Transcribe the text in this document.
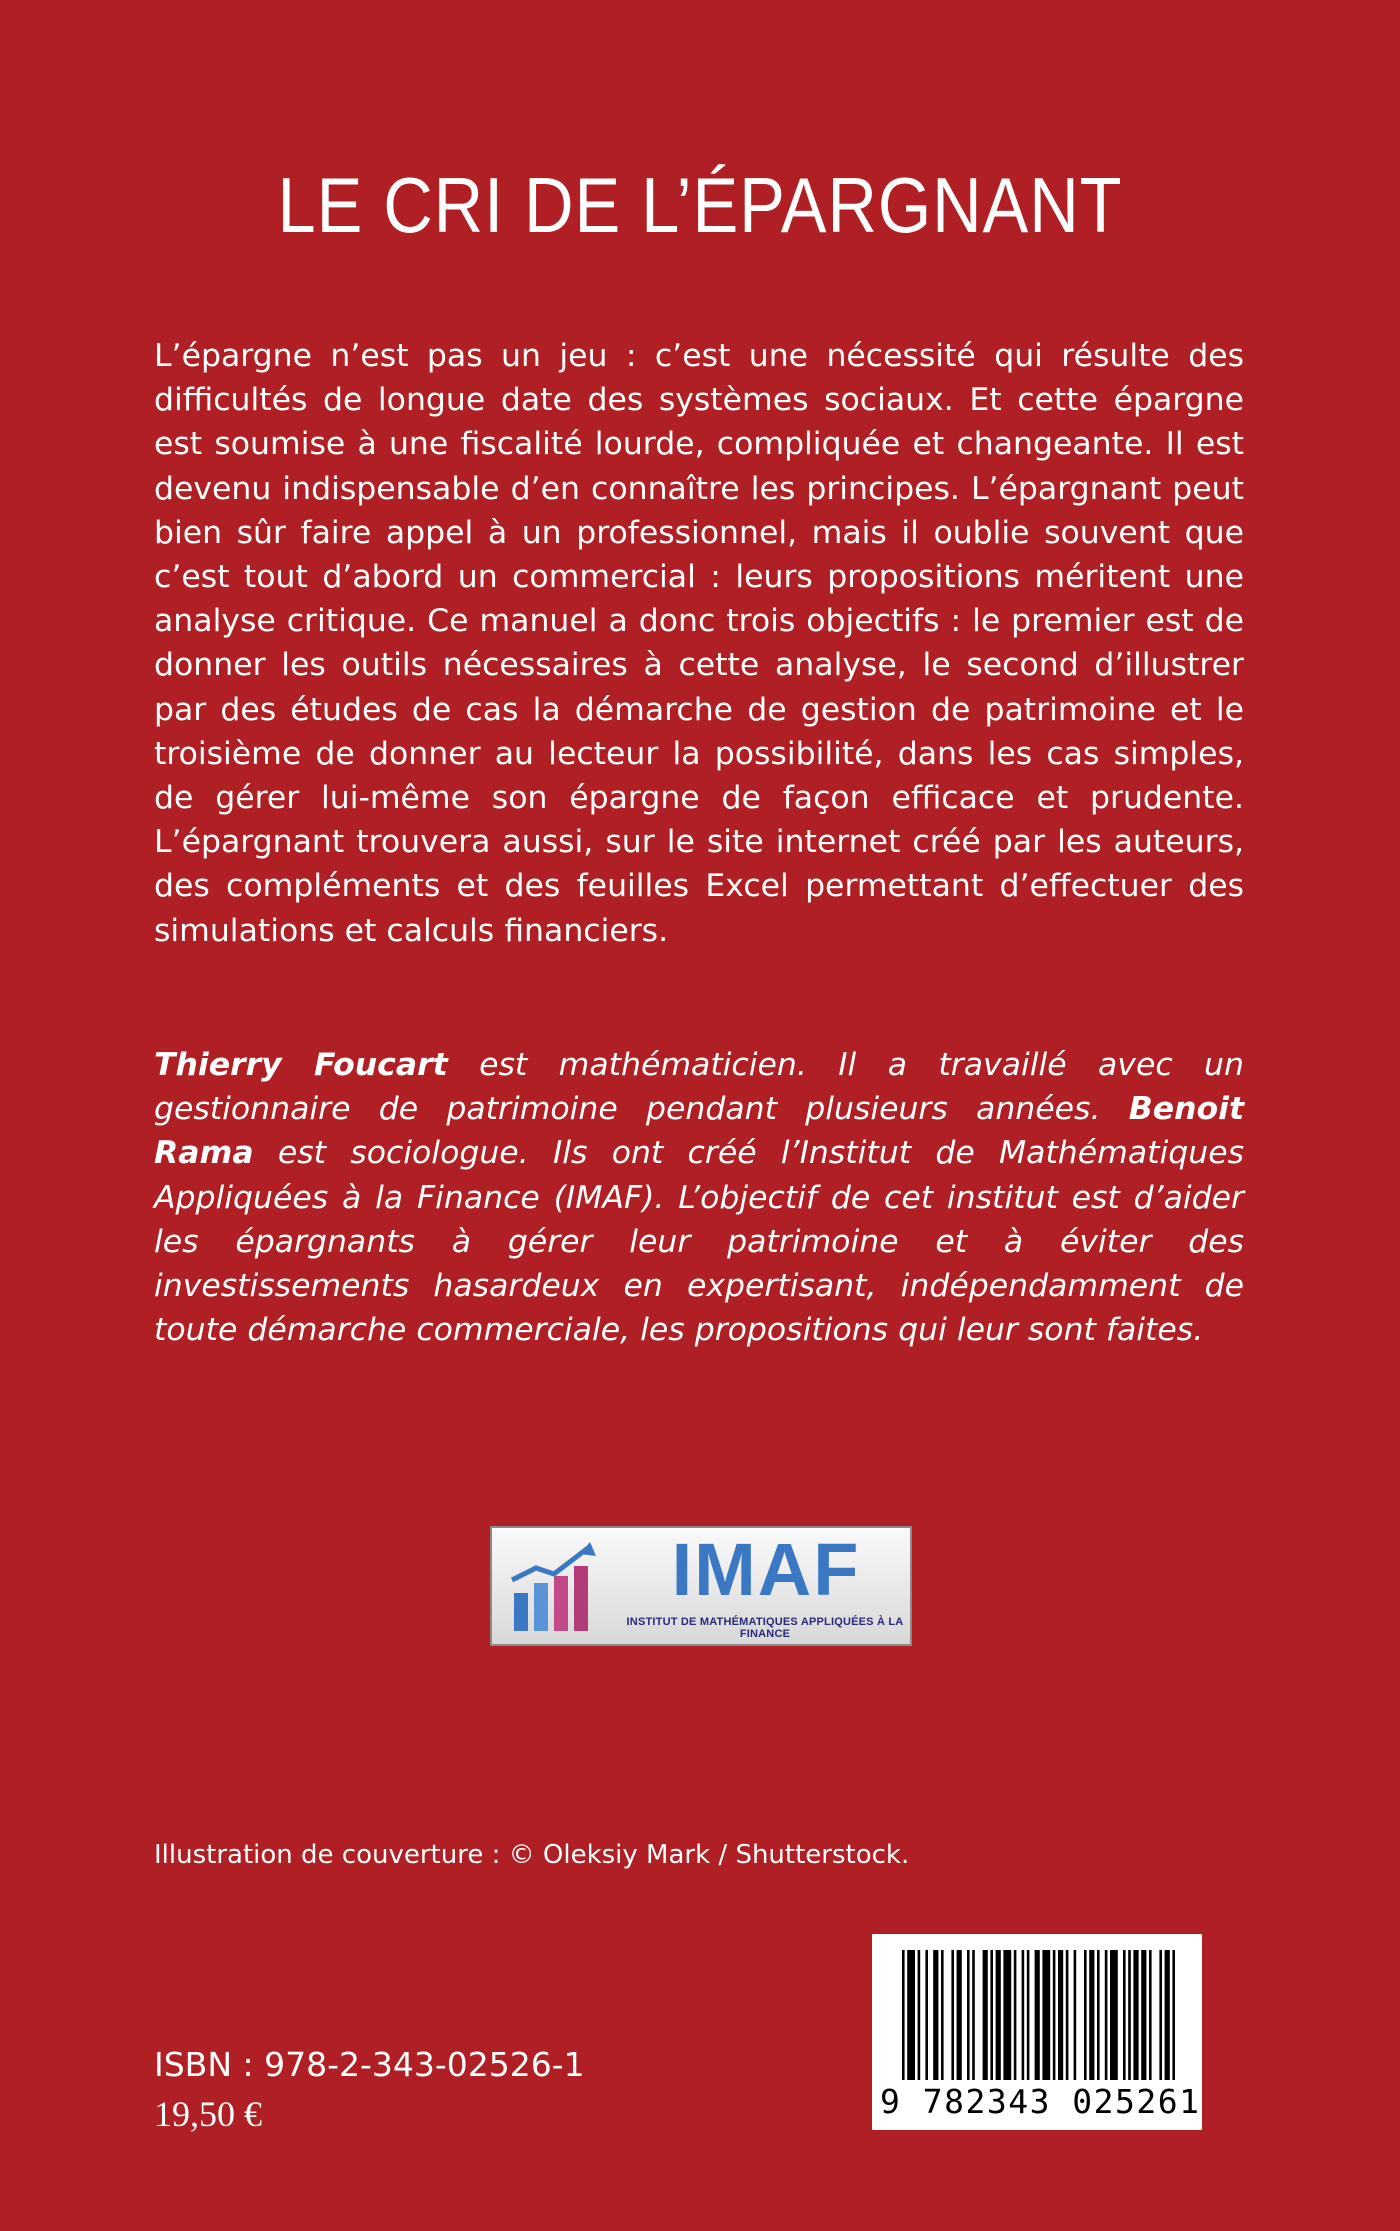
LE CRI DE L’ÉPARGNANT

L’épargne n’est pas un jeu : c’est une nécessité qui résulte des difficultés de longue date des systèmes sociaux. Et cette épargne est soumise à une fiscalité lourde, compliquée et changeante. Il est devenu indispensable d’en connaître les principes. L’épargnant peut bien sûr faire appel à un professionnel, mais il oublie souvent que c’est tout d’abord un commercial : leurs propositions méritent une analyse critique. Ce manuel a donc trois objectifs : le premier est de donner les outils nécessaires à cette analyse, le second d’illustrer par des études de cas la démarche de gestion de patrimoine et le troisième de donner au lecteur la possibilité, dans les cas simples, de gérer lui-même son épargne de façon efficace et prudente. L’épargnant trouvera aussi, sur le site internet créé par les auteurs, des compléments et des feuilles Excel permettant d’effectuer des simulations et calculs financiers.

Thierry Foucart est mathématicien. Il a travaillé avec un gestionnaire de patrimoine pendant plusieurs années. Benoit Rama est sociologue. Ils ont créé l’Institut de Mathématiques Appliquées à la Finance (IMAF). L’objectif de cet institut est d’aider les épargnants à gérer leur patrimoine et à éviter des investissements hasardeux en expertisant, indépendamment de toute démarche commerciale, les propositions qui leur sont faites.

IMAF
INSTITUT DE MATHÉMATIQUES APPLIQUÉES À LA FINANCE
Illustration de couverture : © Oleksiy Mark / Shutterstock.
ISBN : 978-2-343-02526-1
19,50 €	9 782343 025261
